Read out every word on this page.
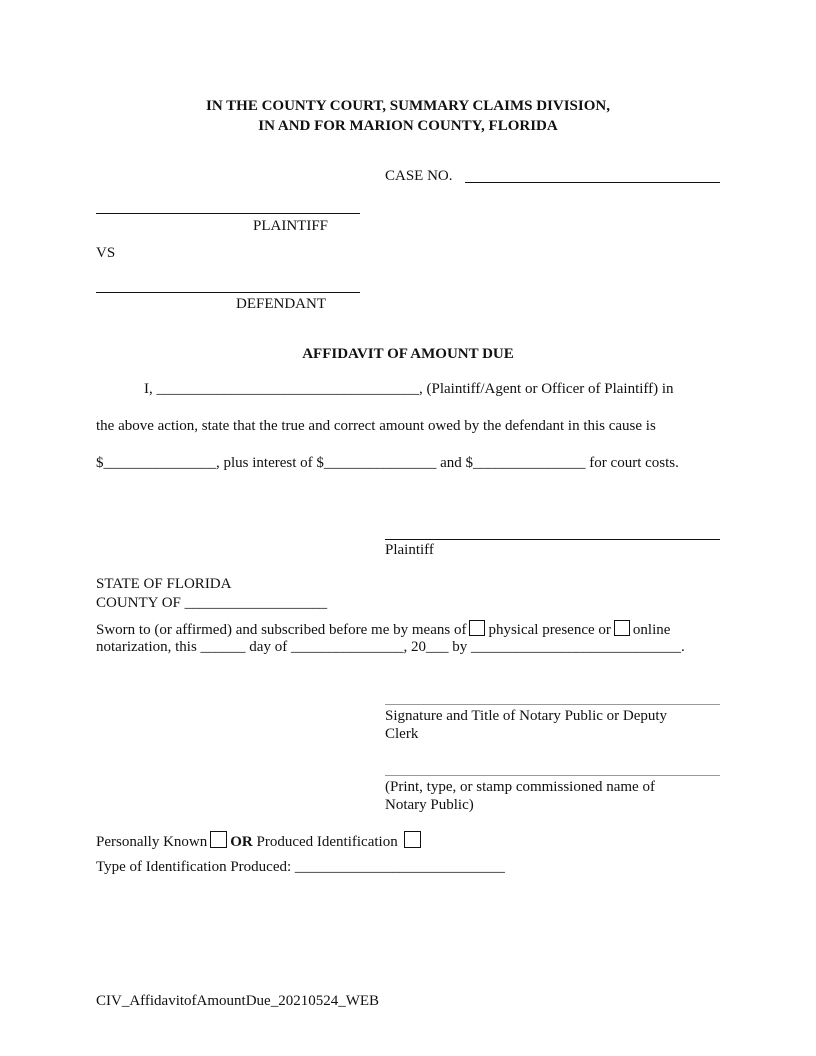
IN THE COUNTY COURT, SUMMARY CLAIMS DIVISION,
IN AND FOR MARION COUNTY, FLORIDA
CASE NO.
PLAINTIFF
VS
DEFENDANT
AFFIDAVIT OF AMOUNT DUE
I, ___________________________________, (Plaintiff/Agent or Officer of Plaintiff) in
the above action, state that the true and correct amount owed by the defendant in this cause is
$_______________, plus interest of $_______________ and $_______________ for court costs.
Plaintiff
STATE OF FLORIDA
COUNTY OF ___________________
Sworn to (or affirmed) and subscribed before me by means of physical presence or online
notarization, this ______ day of _______________, 20___ by ____________________________.
Signature and Title of Notary Public or Deputy
Clerk
(Print, type, or stamp commissioned name of
Notary Public)
Personally Known OR Produced Identification
Type of Identification Produced: ____________________________
CIV_AffidavitofAmountDue_20210524_WEB
